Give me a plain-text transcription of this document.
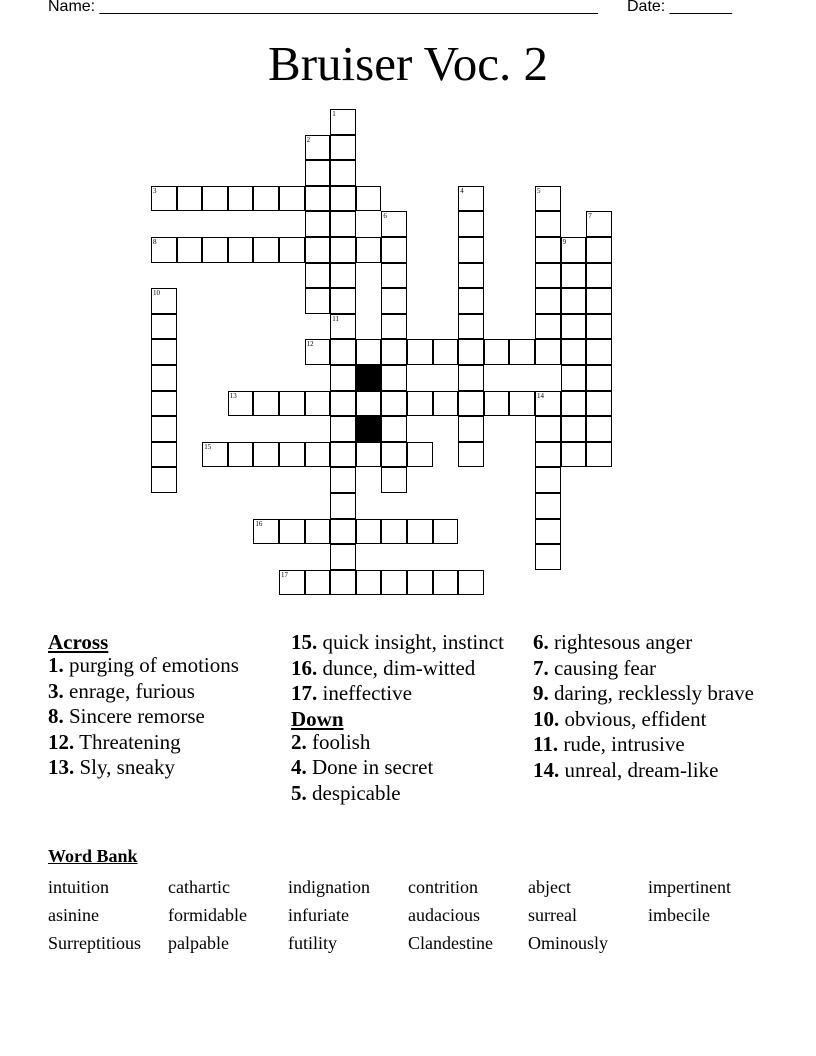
Name: ________________________________________________________ Date: _______
Bruiser Voc. 2
1
2
3
8
6
4	5
7
9
10
11
12
13	14
15
16
17

Across

1. purging of emotions
3. enrage, furious
8. Sincere remorse
12. Threatening
13. Sly, sneaky
15. quick insight, instinct
16. dunce, dim-witted
17. ineffective

Down

2. foolish
4. Done in secret
5. despicable
6. rightesous anger
7. causing fear
9. daring, recklessly brave
10. obvious, effident
11. rude, intrusive
14. unreal, dream-like
Word Bank
intuition	cathartic	indignation contrition	abject	impertinent
asinine	formidable infuriate	audacious	surreal	imbecile
Surreptitious palpable	futility	Clandestine Ominously
